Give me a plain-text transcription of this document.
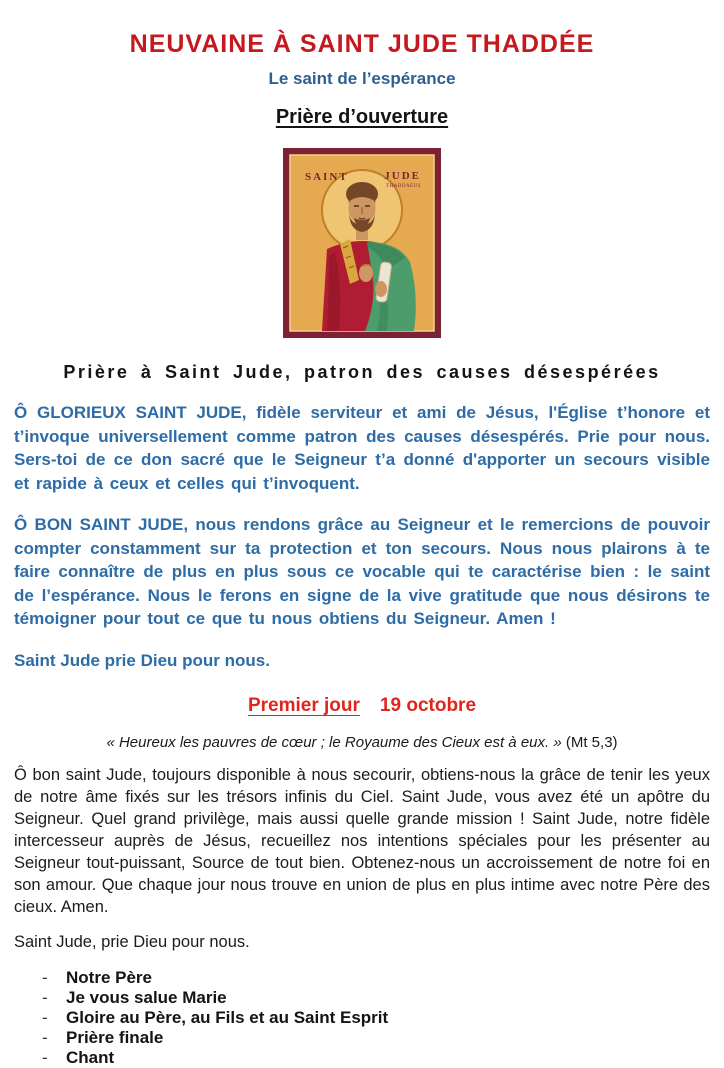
NEUVAINE À SAINT JUDE THADDÉE
Le saint de l’espérance
Prière d’ouverture
SAINT	JUDE
THADDAEUS
Prière à Saint Jude, patron des causes désespérées

Ô GLORIEUX SAINT JUDE, fidèle serviteur et ami de Jésus, l'Église t’honore et t’invoque universellement comme patron des causes désespérés. Prie pour nous. Sers-toi de ce don sacré que le Seigneur t’a donné d'apporter un secours visible et rapide à ceux et celles qui t’invoquent.

Ô BON SAINT JUDE, nous rendons grâce au Seigneur et le remercions de pouvoir compter constamment sur ta protection et ton secours. Nous nous plairons à te faire connaître de plus en plus sous ce vocable qui te caractérise bien : le saint de l’espérance. Nous le ferons en signe de la vive gratitude que nous désirons te témoigner pour tout ce que tu nous obtiens du Seigneur. Amen !

Saint Jude prie Dieu pour nous.

Premier jour 19 octobre
« Heureux les pauvres de cœur ; le Royaume des Cieux est à eux. » (Mt 5,3)

Ô bon saint Jude, toujours disponible à nous secourir, obtiens-nous la grâce de tenir les yeux de notre âme fixés sur les trésors infinis du Ciel. Saint Jude, vous avez été un apôtre du Seigneur. Quel grand privilège, mais aussi quelle grande mission ! Saint Jude, notre fidèle intercesseur auprès de Jésus, recueillez nos intentions spéciales pour les présenter au Seigneur tout-puissant, Source de tout bien. Obtenez-nous un accroissement de notre foi en son amour. Que chaque jour nous trouve en union de plus en plus intime avec notre Père des cieux. Amen.

Saint Jude, prie Dieu pour nous.

-	Notre Père
-	Je vous salue Marie
-	Gloire au Père, au Fils et au Saint Esprit
-	Prière finale
-	Chant
